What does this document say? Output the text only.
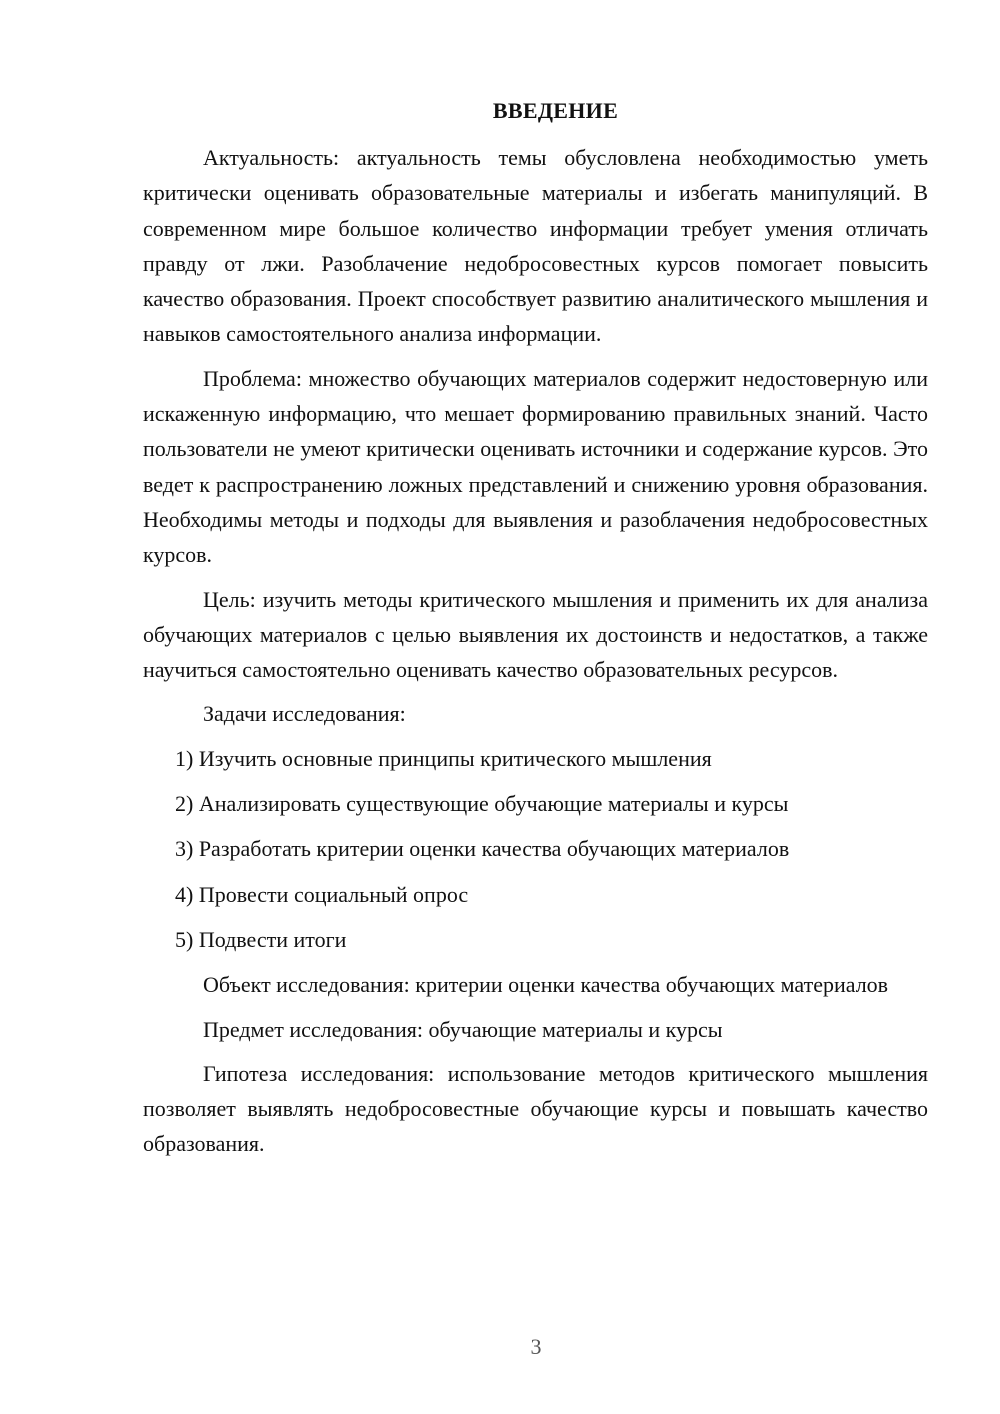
ВВЕДЕНИЕ

Актуальность: актуальность темы обусловлена необходимостью уметь критически оценивать образовательные материалы и избегать манипуляций. В современном мире большое количество информации требует умения отличать правду от лжи. Разоблачение недобросовестных курсов помогает повысить качество образования. Проект способствует развитию аналитического мышления и навыков самостоятельного анализа информации.

Проблема: множество обучающих материалов содержит недостоверную или искаженную информацию, что мешает формированию правильных знаний. Часто пользователи не умеют критически оценивать источники и содержание курсов. Это ведет к распространению ложных представлений и снижению уровня образования. Необходимы методы и подходы для выявления и разоблачения недобросовестных курсов.

Цель: изучить методы критического мышления и применить их для анализа обучающих материалов с целью выявления их достоинств и недостатков, а также научиться самостоятельно оценивать качество образовательных ресурсов.

Задачи исследования:

1) Изучить основные принципы критического мышления
2) Анализировать существующие обучающие материалы и курсы
3) Разработать критерии оценки качества обучающих материалов
4) Провести социальный опрос
5) Подвести итоги

Объект исследования: критерии оценки качества обучающих материалов

Предмет исследования: обучающие материалы и курсы

Гипотеза исследования: использование методов критического мышления позволяет выявлять недобросовестные обучающие курсы и повышать качество образования.

3
